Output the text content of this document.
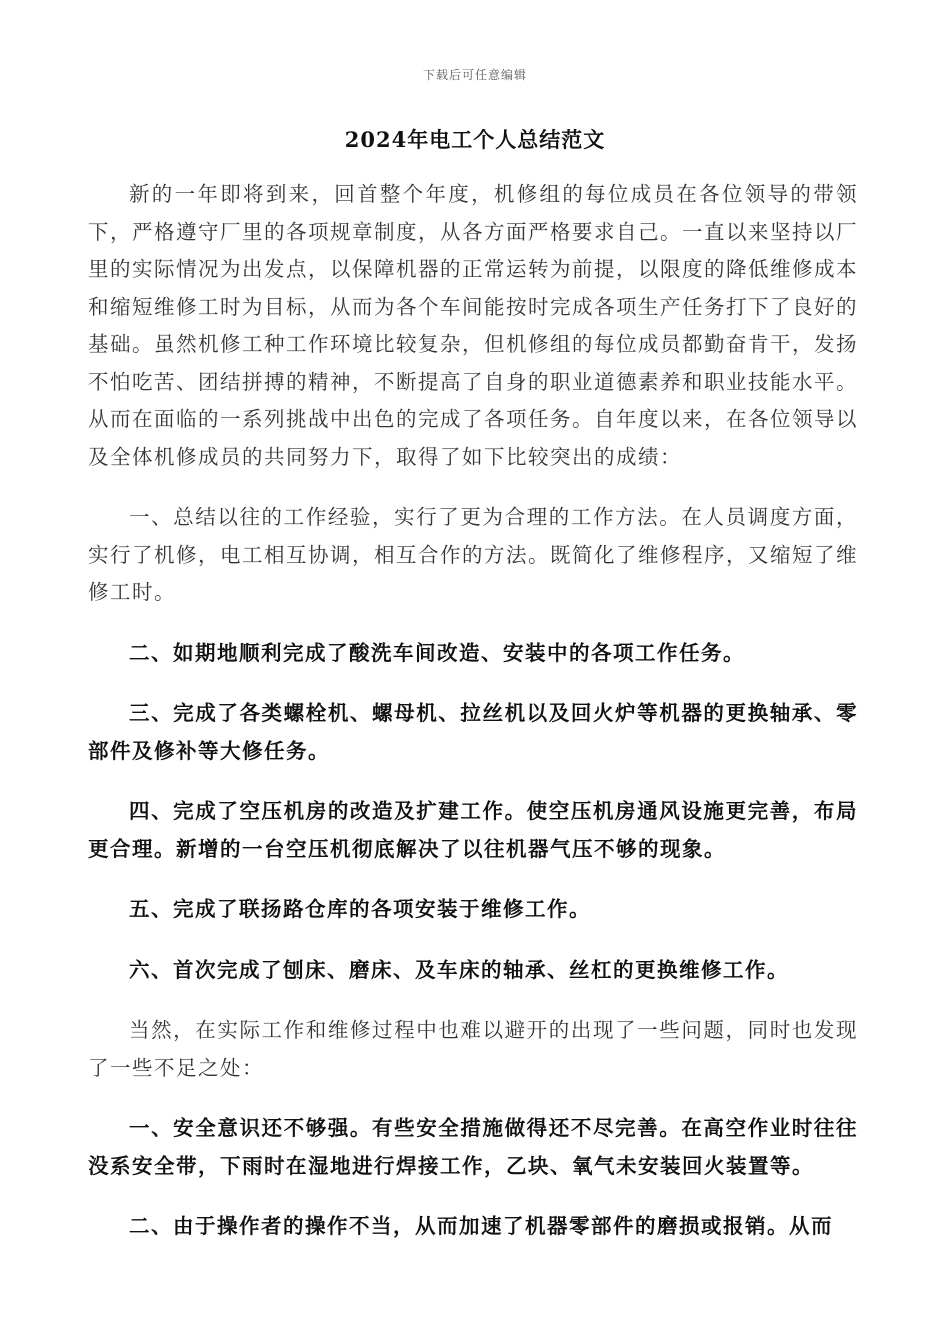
下载后可任意编辑
2024年电工个人总结范文

新的一年即将到来，回首整个年度，机修组的每位成员在各位领导的带领下，严格遵守厂里的各项规章制度，从各方面严格要求自己。一直以来坚持以厂里的实际情况为出发点，以保障机器的正常运转为前提，以限度的降低维修成本和缩短维修工时为目标，从而为各个车间能按时完成各项生产任务打下了良好的基础。虽然机修工种工作环境比较复杂，但机修组的每位成员都勤奋肯干，发扬不怕吃苦、团结拼搏的精神，不断提高了自身的职业道德素养和职业技能水平。从而在面临的一系列挑战中出色的完成了各项任务。自年度以来，在各位领导以及全体机修成员的共同努力下，取得了如下比较突出的成绩：

一、总结以往的工作经验，实行了更为合理的工作方法。在人员调度方面，实行了机修，电工相互协调，相互合作的方法。既简化了维修程序，又缩短了维修工时。

二、如期地顺利完成了酸洗车间改造、安装中的各项工作任务。

三、完成了各类螺栓机、螺母机、拉丝机以及回火炉等机器的更换轴承、零部件及修补等大修任务。

四、完成了空压机房的改造及扩建工作。使空压机房通风设施更完善，布局更合理。新增的一台空压机彻底解决了以往机器气压不够的现象。

五、完成了联扬路仓库的各项安装于维修工作。

六、首次完成了刨床、磨床、及车床的轴承、丝杠的更换维修工作。

当然，在实际工作和维修过程中也难以避开的出现了一些问题，同时也发现了一些不足之处：

一、安全意识还不够强。有些安全措施做得还不尽完善。在高空作业时往往没系安全带，下雨时在湿地进行焊接工作，乙块、氧气未安装回火装置等。

二、由于操作者的操作不当，从而加速了机器零部件的磨损或报销。从而
